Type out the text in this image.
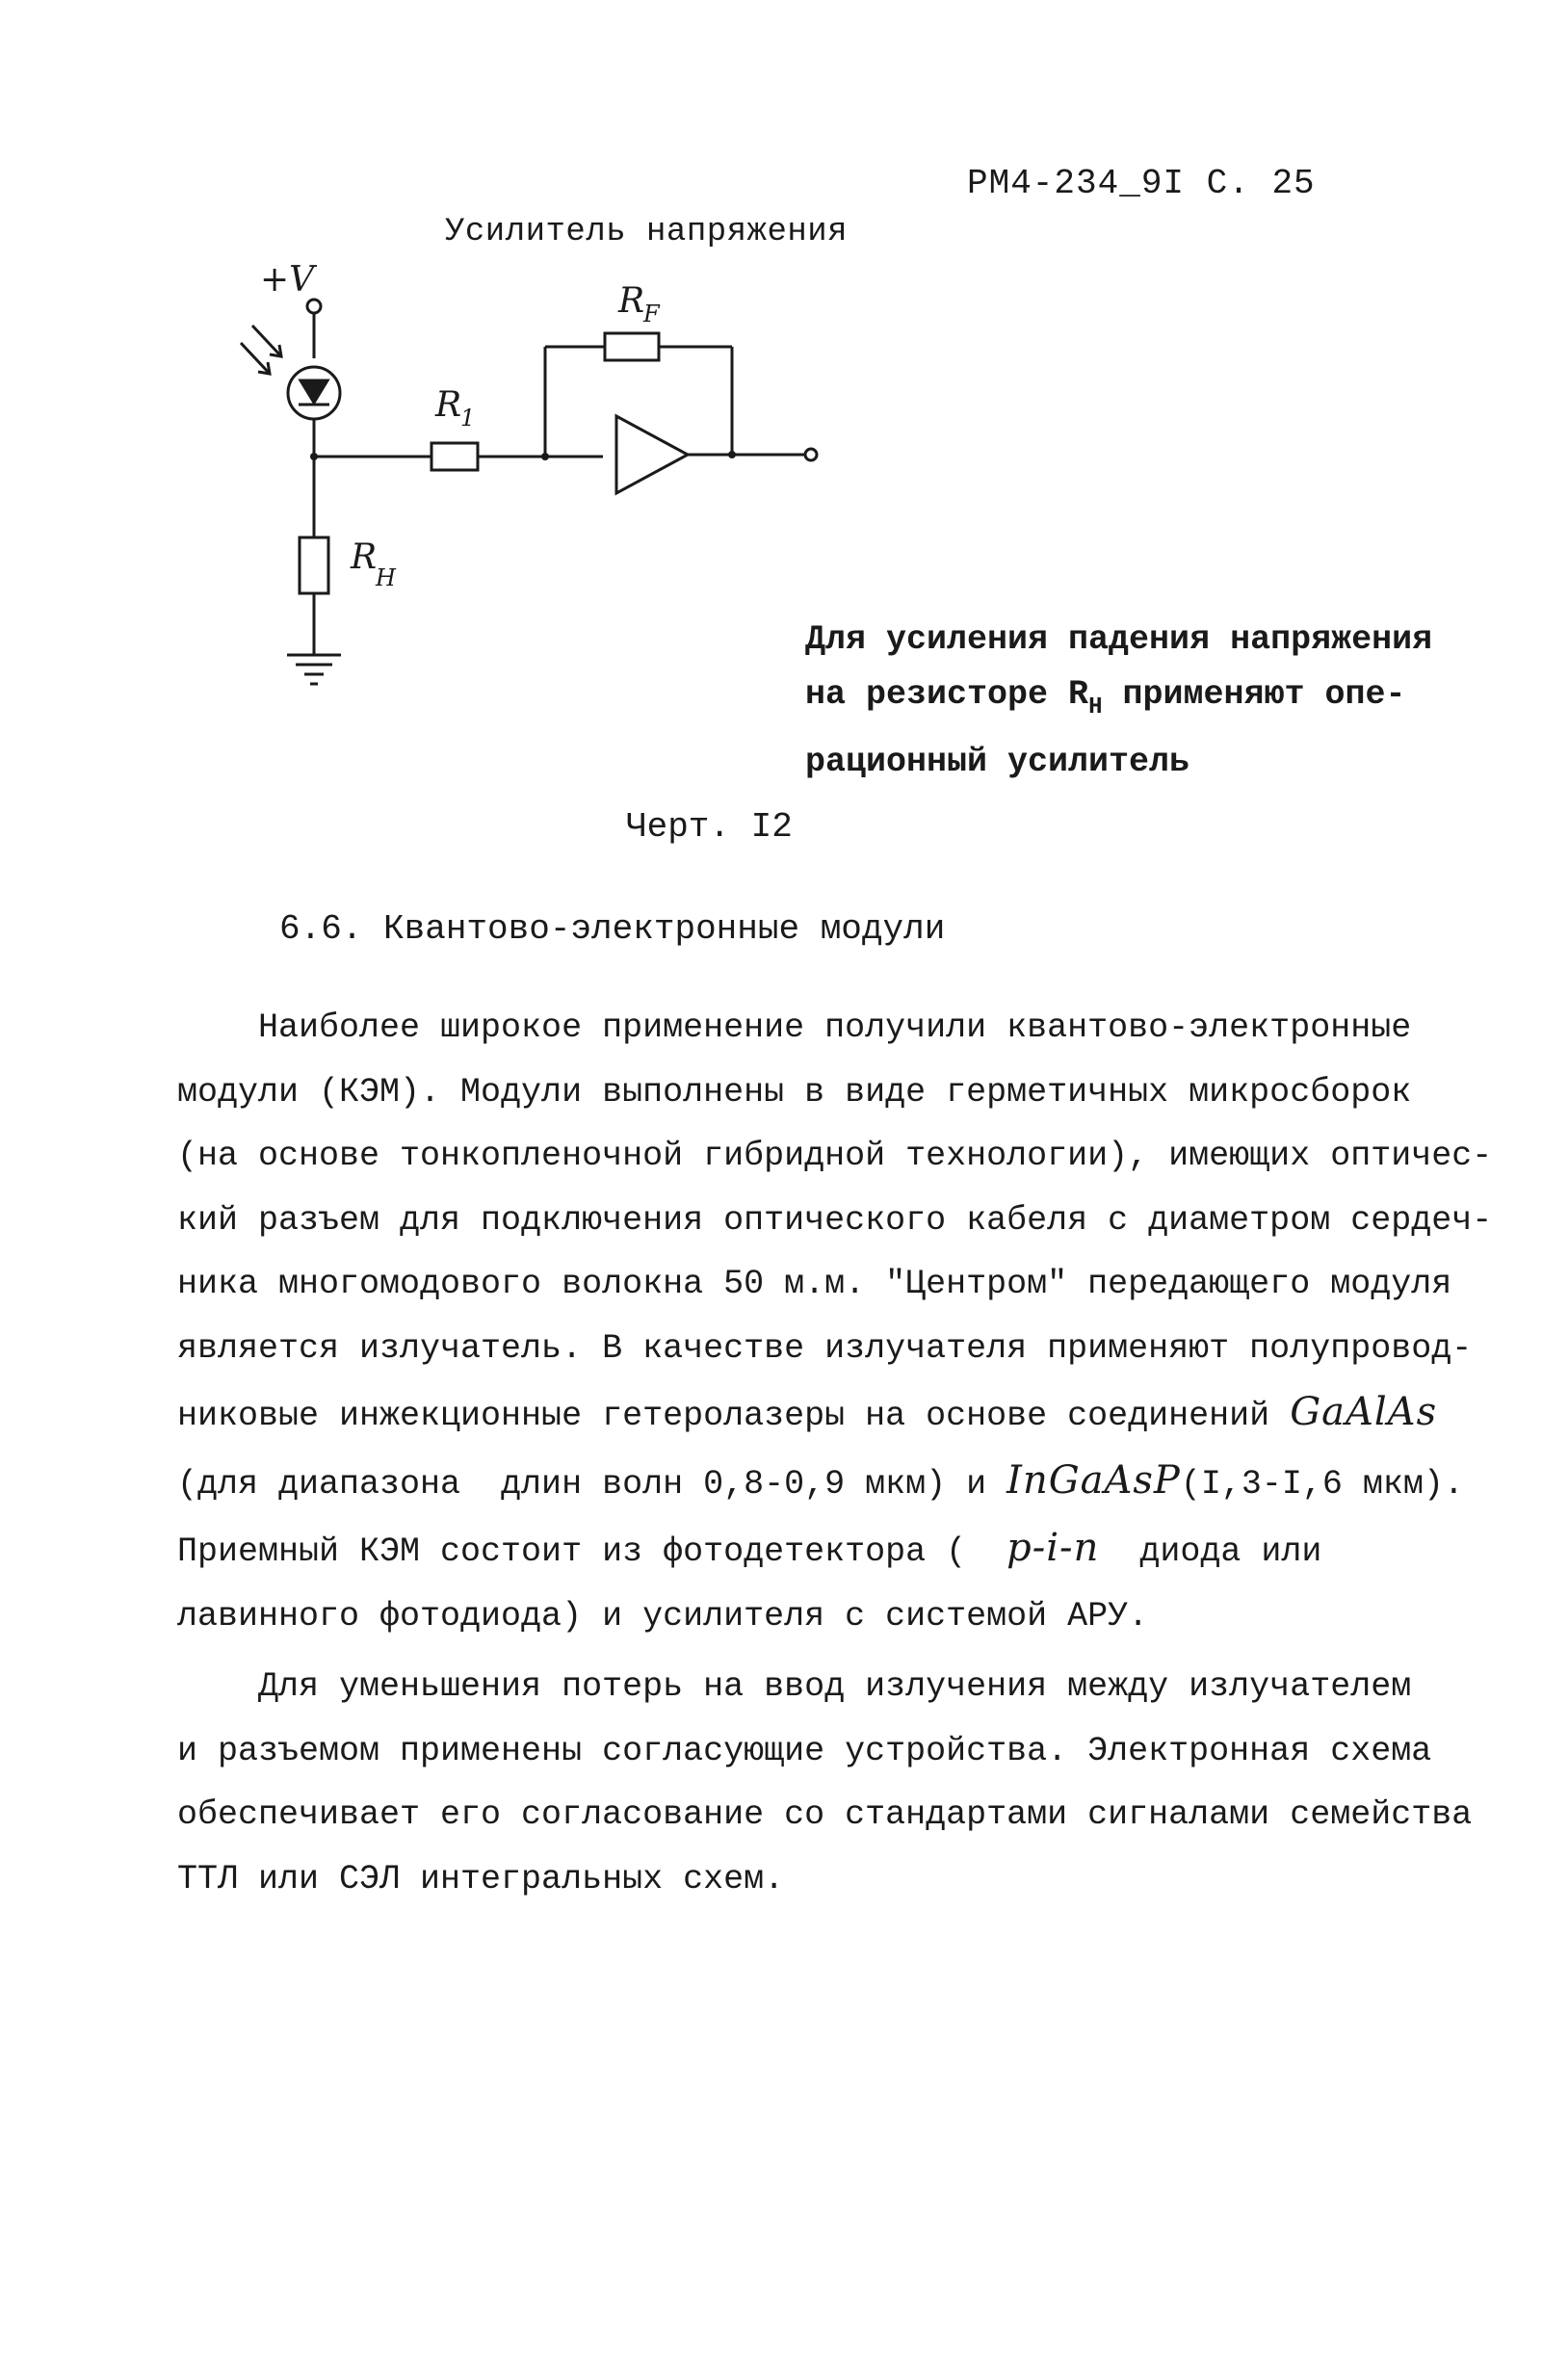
РМ4-234_9I С. 25
Усилитель напряжения
+V
R
F
R
1
R
H
Для усиления падения напряжения
на резисторе $R_H$ применяют опе-
рационный усилитель
Черт. I2
6.6. Квантово-электронные модули
Наиболее широкое применение получили квантово-электронные
модули (КЭМ). Модули выполнены в виде герметичных микросборок
(на основе тонкопленочной гибридной технологии), имеющих оптичес-
кий разъем для подключения оптического кабеля с диаметром сердеч-
ника многомодового волокна 50 м.м. "Центром" передающего модуля
является излучатель. В качестве излучателя применяют полупровод-
никовые инжекционные гетеролазеры на основе соединений GaAlAs
(для диапазона  длин волн 0,8-0,9 мкм) и InGaAsP(I,3-I,6 мкм).
Приемный КЭМ состоит из фотодетектора (  p-i-n  диода или
лавинного фотодиода) и усилителя с системой АРУ.
Для уменьшения потерь на ввод излучения между излучателем
и разъемом применены согласующие устройства. Электронная схема
обеспечивает его согласование со стандартами сигналами семейства
ТТЛ или СЭЛ интегральных схем.
